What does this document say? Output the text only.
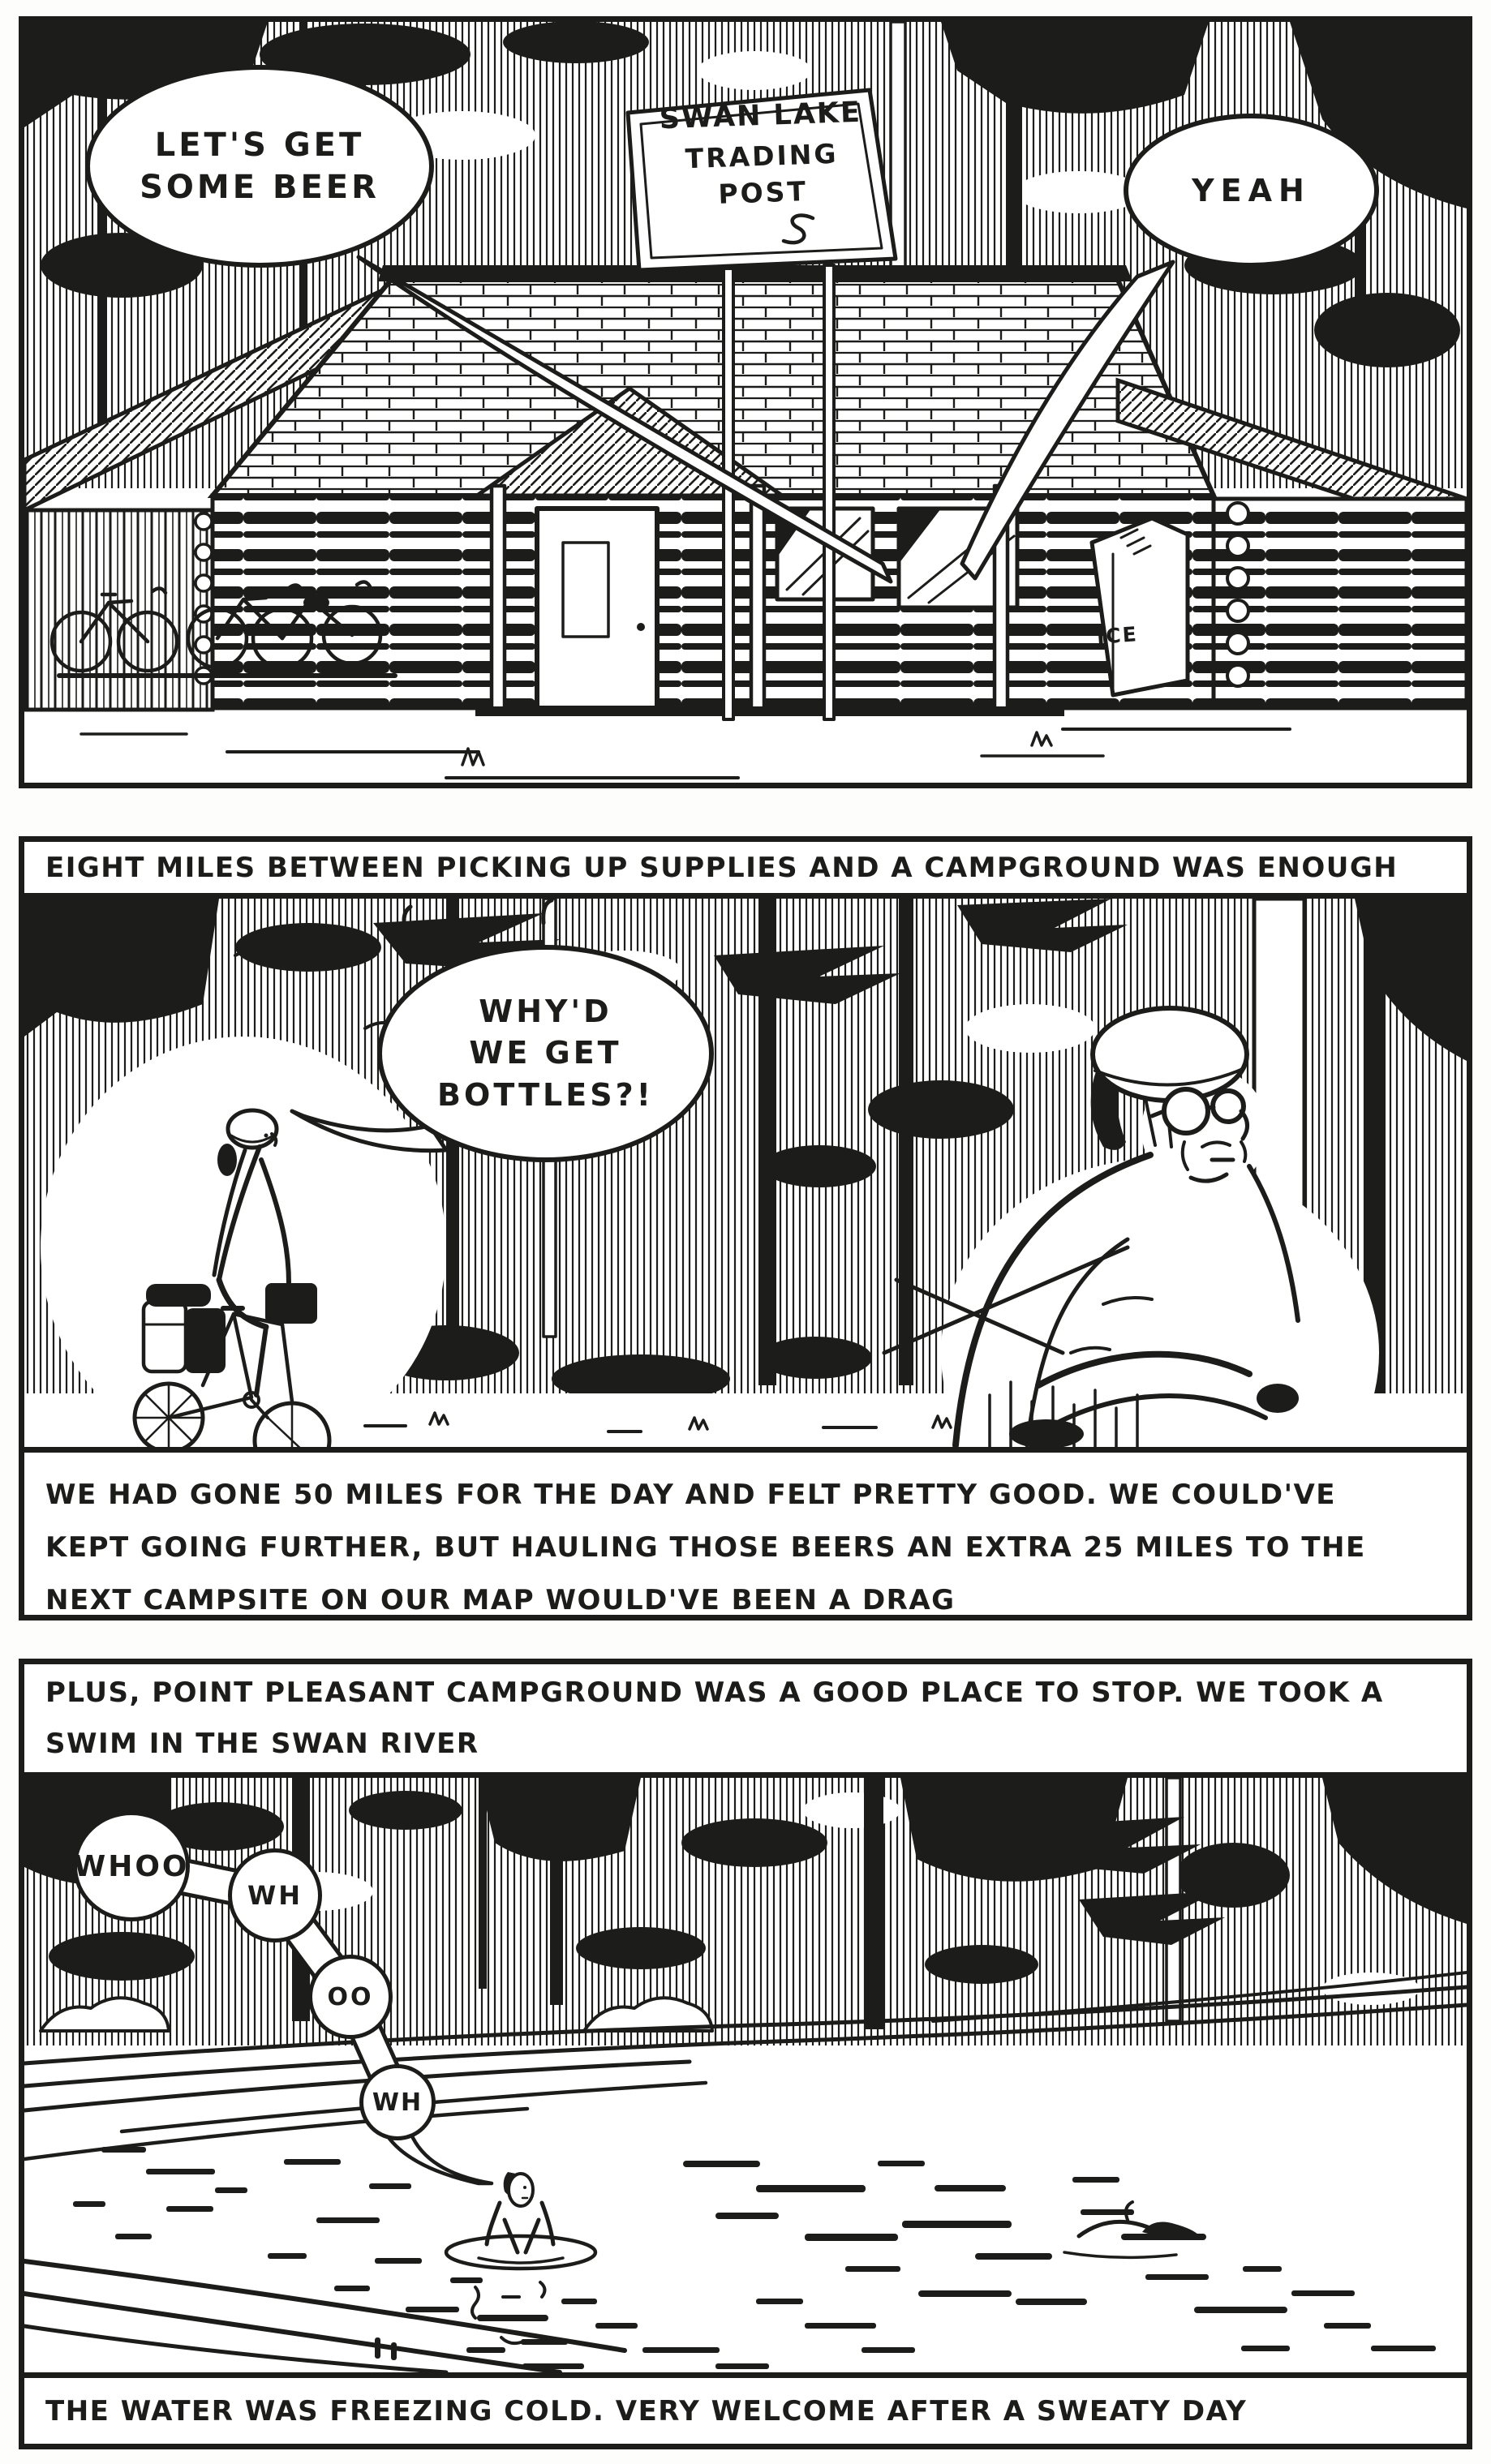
LET'S GET
SOME BEER	YEAH
SWAN LAKE
TRADING
POST
ICE
EIGHT MILES BETWEEN PICKING UP SUPPLIES AND A CAMPGROUND WAS ENOUGH
WHY'D
WE GET
BOTTLES?!
WE HAD GONE 50 MILES FOR THE DAY AND FELT PRETTY GOOD. WE COULD'VE
KEPT GOING FURTHER, BUT HAULING THOSE BEERS AN EXTRA 25 MILES TO THE
NEXT CAMPSITE ON OUR MAP WOULD'VE BEEN A DRAG
PLUS, POINT PLEASANT CAMPGROUND WAS A GOOD PLACE TO STOP. WE TOOK A
SWIM IN THE SWAN RIVER
WHOO
WH
OO
WH
THE WATER WAS FREEZING COLD. VERY WELCOME AFTER A SWEATY DAY
